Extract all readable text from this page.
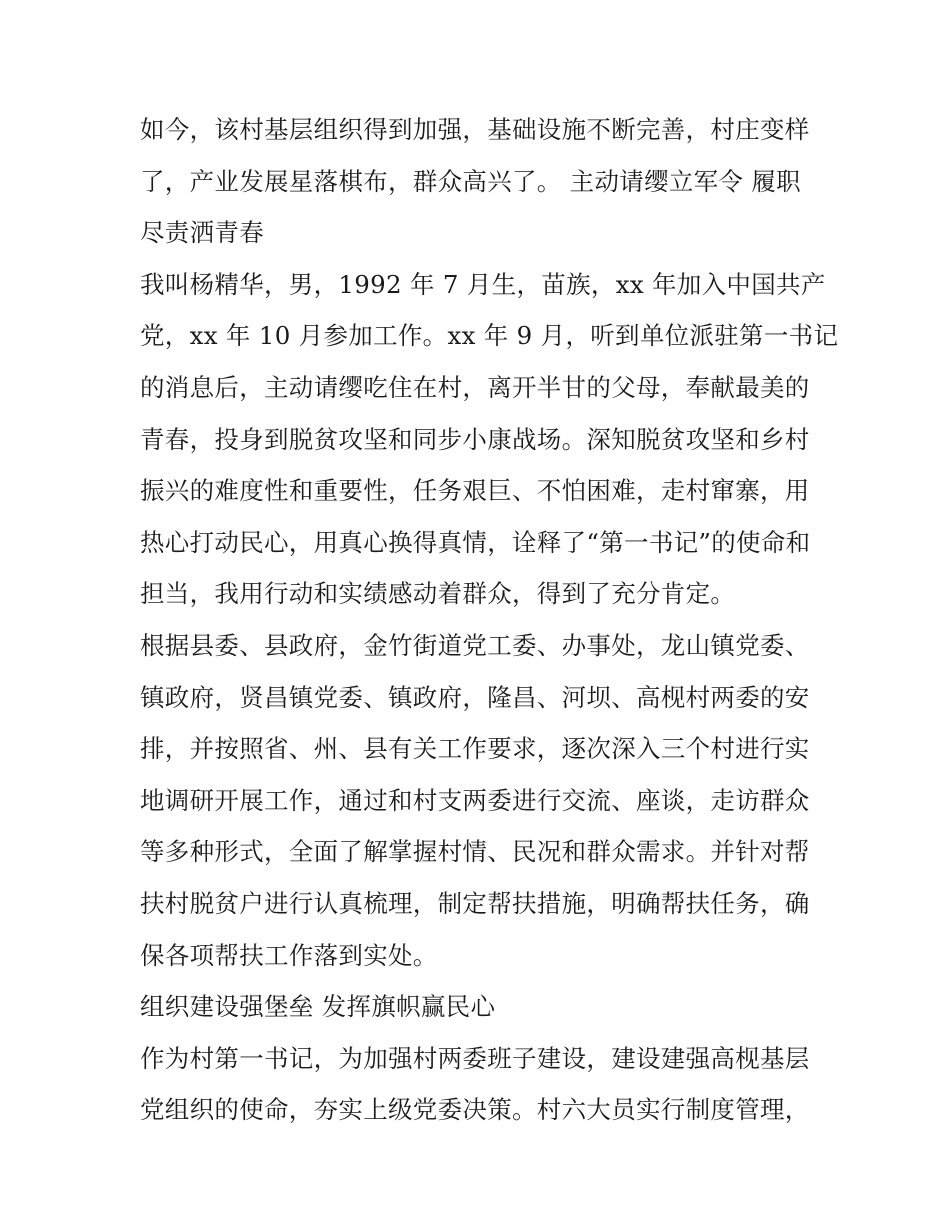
如今，该村基层组织得到加强，基础设施不断完善，村庄变样
了，产业发展星落棋布，群众高兴了。 主动请缨立军令 履职
尽责洒青春
我叫杨精华，男，1992 年 7 月生，苗族，xx 年加入中国共产
党，xx 年 10 月参加工作。xx 年 9 月，听到单位派驻第一书记
的消息后，主动请缨吃住在村，离开半甘的父母，奉献最美的
青春，投身到脱贫攻坚和同步小康战场。深知脱贫攻坚和乡村
振兴的难度性和重要性，任务艰巨、不怕困难，走村窜寨，用
热心打动民心，用真心换得真情，诠释了“第一书记”的使命和
担当，我用行动和实绩感动着群众，得到了充分肯定。
根据县委、县政府，金竹街道党工委、办事处，龙山镇党委、
镇政府，贤昌镇党委、镇政府，隆昌、河坝、高枧村两委的安
排，并按照省、州、县有关工作要求，逐次深入三个村进行实
地调研开展工作，通过和村支两委进行交流、座谈，走访群众
等多种形式，全面了解掌握村情、民况和群众需求。并针对帮
扶村脱贫户进行认真梳理，制定帮扶措施，明确帮扶任务，确
保各项帮扶工作落到实处。
组织建设强堡垒 发挥旗帜赢民心
作为村第一书记，为加强村两委班子建设，建设建强高枧基层
党组织的使命，夯实上级党委决策。村六大员实行制度管理，
